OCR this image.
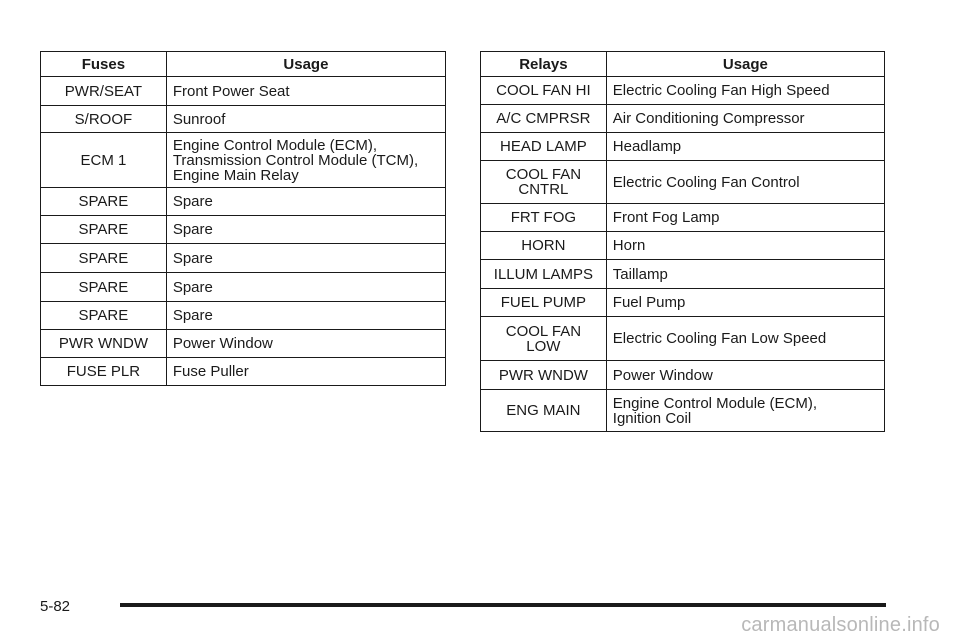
Fuses	Usage
PWR/SEAT	Front Power Seat
S/ROOF	Sunroof
ECM 1	Engine Control Module (ECM),
Transmission Control Module (TCM),
Engine Main Relay
SPARE	Spare
SPARE	Spare
SPARE	Spare
SPARE	Spare
SPARE	Spare
PWR WNDW	Power Window
FUSE PLR	Fuse Puller
Relays	Usage
COOL FAN HI	Electric Cooling Fan High Speed
A/C CMPRSR	Air Conditioning Compressor
HEAD LAMP	Headlamp
COOL FAN
CNTRL	Electric Cooling Fan Control
FRT FOG	Front Fog Lamp
HORN	Horn
ILLUM LAMPS	Taillamp
FUEL PUMP	Fuel Pump
COOL FAN
LOW	Electric Cooling Fan Low Speed
PWR WNDW	Power Window
ENG MAIN	Engine Control Module (ECM),
Ignition Coil
5-82
carmanualsonline.info
